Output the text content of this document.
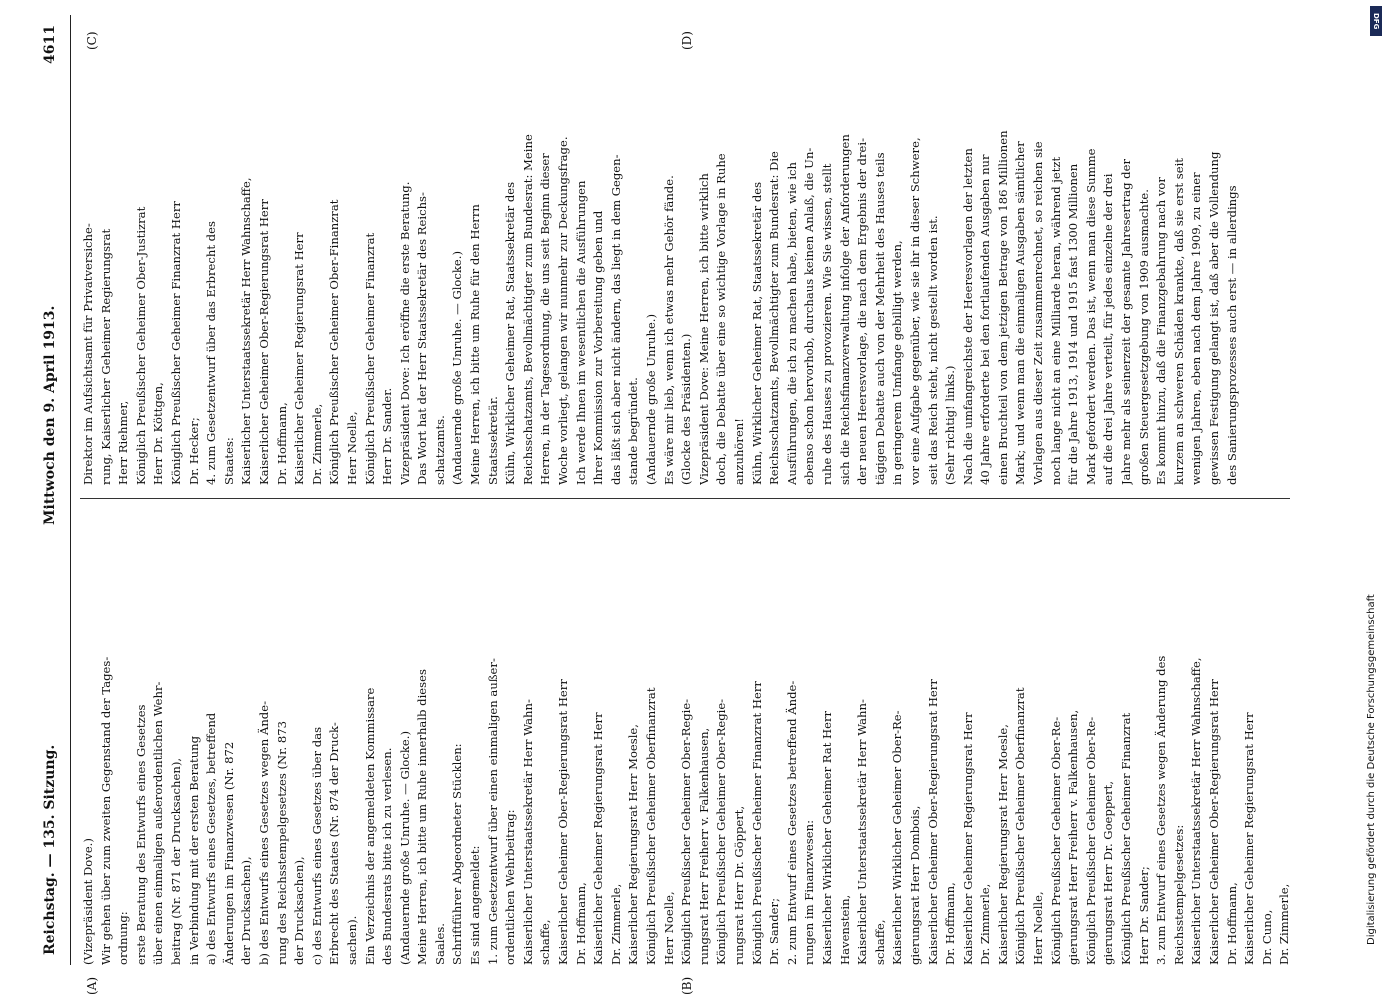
Reichstag. — 135. Sitzung.
Mittwoch den 9. April 1913.
4611
(A)	(B)
(C)	(D)
(Vizepräsident Dove.) Wir gehen über zum zweiten Gegenstand der Tages- ordnung: erste Beratung des Entwurfs eines Gesetzes über einen einmaligen außerordentlichen Wehr- beitrag (Nr. 871 der Drucksachen), in Verbindung mit der ersten Beratung a) des Entwurfs eines Gesetzes, betreffend Änderungen im Finanzwesen (Nr. 872 der Drucksachen), b) des Entwurfs eines Gesetzes wegen Ände- rung des Reichsstempelgesetzes (Nr. 873 der Drucksachen), c) des Entwurfs eines Gesetzes über das Erbrecht des Staates (Nr. 874 der Druck- sachen). Ein Verzeichnis der angemeldeten Kommissare des Bundesrats bitte ich zu verlesen. (Andauernde große Unruhe. — Glocke.) Meine Herren, ich bitte um Ruhe innerhalb dieses Saales. Schriftführer Abgeordneter Stücklen: Es sind angemeldet: 1. zum Gesetzentwurf über einen einmaligen außer- ordentlichen Wehrbeitrag: Kaiserlicher Unterstaatssekretär Herr Wahn- schaffe, Kaiserlicher Geheimer Ober-Regierungsrat Herr Dr. Hoffmann, Kaiserlicher Geheimer Regierungsrat Herr Dr. Zimmerle, Kaiserlicher Regierungsrat Herr Moesle, Königlich Preußischer Geheimer Oberfinanzrat Herr Noelle, Königlich Preußischer Geheimer Ober-Regie- rungsrat Herr Freiherr v. Falkenhausen, Königlich Preußischer Geheimer Ober-Regie- rungsrat Herr Dr. Göppert, Königlich Preußischer Geheimer Finanzrat Herr Dr. Sander; 2. zum Entwurf eines Gesetzes betreffend Ände- rungen im Finanzwesen: Kaiserlicher Wirklicher Geheimer Rat Herr Havenstein, Kaiserlicher Unterstaatssekretär Herr Wahn- schaffe, Kaiserlicher Wirklicher Geheimer Ober-Re- gierungsrat Herr Dombois, Kaiserlicher Geheimer Ober-Regierungsrat Herr Dr. Hoffmann, Kaiserlicher Geheimer Regierungsrat Herr Dr. Zimmerle, Kaiserlicher Regierungsrat Herr Moesle, Königlich Preußischer Geheimer Oberfinanzrat Herr Noelle, Königlich Preußischer Geheimer Ober-Re- gierungsrat Herr Freiherr v. Falkenhausen, Königlich Preußischer Geheimer Ober-Re- gierungsrat Herr Dr. Goeppert, Königlich Preußischer Geheimer Finanzrat Herr Dr. Sander; 3. zum Entwurf eines Gesetzes wegen Änderung des Reichsstempelgesetzes: Kaiserlicher Unterstaatssekretär Herr Wahnschaffe, Kaiserlicher Geheimer Ober-Regierungsrat Herr Dr. Hoffmann, Kaiserlicher Geheimer Regierungsrat Herr Dr. Cuno, Dr. Zimmerle,
Direktor im Aufsichtsamt für Privatversiche- rung, Kaiserlicher Geheimer Regierungsrat Herr Riehmer, Königlich Preußischer Geheimer Ober-Justizrat Herr Dr. Köttgen, Königlich Preußischer Geheimer Finanzrat Herr Dr. Hecker; 4. zum Gesetzentwurf über das Erbrecht des Staates: Kaiserlicher Unterstaatssekretär Herr Wahnschaffe, Kaiserlicher Geheimer Ober-Regierungsrat Herr Dr. Hoffmann, Kaiserlicher Geheimer Regierungsrat Herr Dr. Zimmerle, Königlich Preußischer Geheimer Ober-Finanzrat Herr Noelle, Königlich Preußischer Geheimer Finanzrat Herr Dr. Sander. Vizepräsident Dove: Ich eröffne die erste Beratung. Das Wort hat der Herr Staatssekretär des Reichs- schatzamts. (Andauernde große Unruhe. — Glocke.) Meine Herren, ich bitte um Ruhe für den Herrn Staatssekretär. Kühn, Wirklicher Geheimer Rat, Staatssekretär des Reichsschatzamts, Bevollmächtigter zum Bundesrat: Meine Herren, in der Tagesordnung, die uns seit Beginn dieser Woche vorliegt, gelangen wir nunmehr zur Deckungsfrage. Ich werde Ihnen im wesentlichen die Ausführungen Ihrer Kommission zur Vorbereitung geben und das läßt sich aber nicht ändern, das liegt in dem Gegen- stande begründet. (Andauernde große Unruhe.) Es wäre mir lieb, wenn ich etwas mehr Gehör fände. (Glocke des Präsidenten.) Vizepräsident Dove: Meine Herren, ich bitte wirklich doch, die Debatte über eine so wichtige Vorlage in Ruhe anzuhören! Kühn, Wirklicher Geheimer Rat, Staatssekretär des Reichsschatzamts, Bevollmächtigter zum Bundesrat: Die Ausführungen, die ich zu machen habe, bieten, wie ich ebenso schon hervorhob, durchaus keinen Anlaß, die Un- ruhe des Hauses zu provozieren. Wie Sie wissen, stellt sich die Reichsfinanzverwaltung infolge der Anforderungen der neuen Heeresvorlage, die nach dem Ergebnis der drei- tägigen Debatte auch von der Mehrheit des Hauses teils in geringerem Umfange gebilligt werden, vor eine Aufgabe gegenüber, wie sie ihr in dieser Schwere, seit das Reich steht, nicht gestellt worden ist. (Sehr richtig! links.) Nach die umfangreichste der Heeresvorlagen der letzten 40 Jahre erforderte bei den fortlaufenden Ausgaben nur einen Bruchteil von dem jetzigen Betrage von 186 Millionen Mark; und wenn man die einmaligen Ausgaben sämtlicher Vorlagen aus dieser Zeit zusammenrechnet, so reichen sie noch lange nicht an eine Milliarde heran, während jetzt für die Jahre 1913, 1914 und 1915 fast 1300 Millionen Mark gefordert werden. Das ist, wenn man diese Summe auf die drei Jahre verteilt, für jedes einzelne der drei Jahre mehr als seinerzeit der gesamte Jahresertrag der großen Steuergesetzgebung von 1909 ausmachte. Es kommt hinzu, daß die Finanzgebahrung nach vor kurzem an schweren Schäden krankte, daß sie erst seit wenigen Jahren, eben nach dem Jahre 1909, zu einer gewissen Festigung gelangt ist, daß aber die Vollendung des Sanierungsprozesses auch erst — in allerdings
Digitalisierung gefördert durch die Deutsche Forschungsgemeinschaft
DFG
